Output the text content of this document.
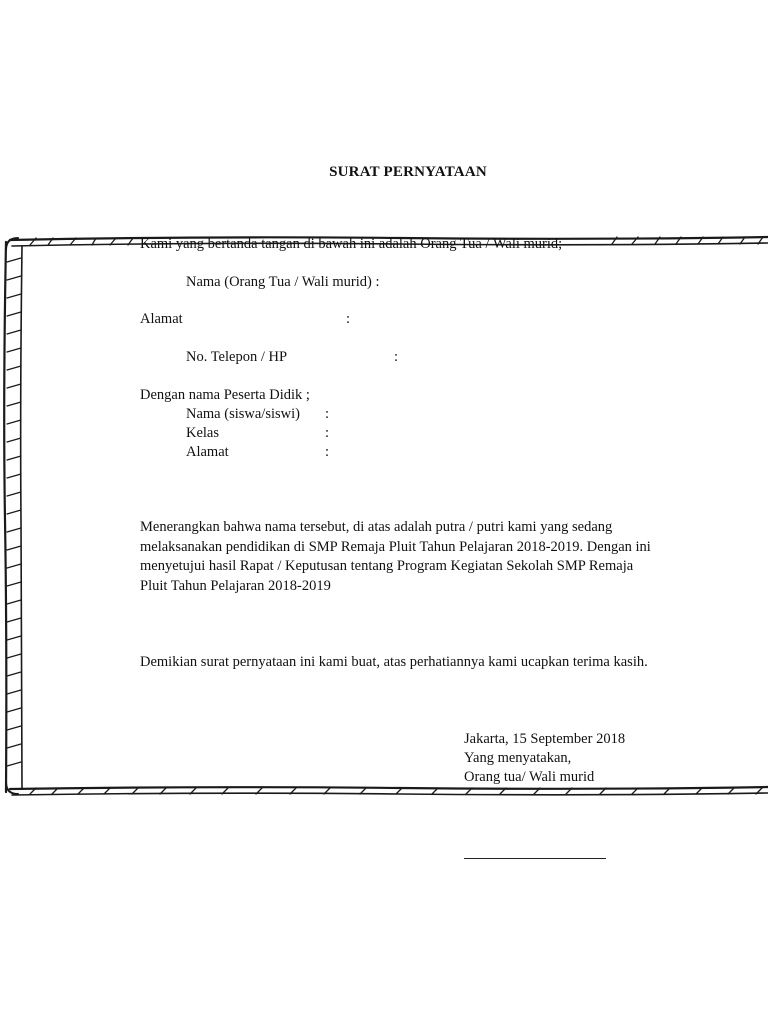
SURAT PERNYATAAN
Kami yang bertanda tangan di bawah ini adalah Orang Tua / Wali murid;
Nama (Orang Tua / Wali murid) :
Alamat	:
No. Telepon / HP	:
Dengan nama Peserta Didik ;
Nama (siswa/siswi) :
Kelas	:
Alamat	:
Menerangkan bahwa nama tersebut, di atas adalah putra / putri kami yang sedang melaksanakan pendidikan di SMP Remaja Pluit Tahun Pelajaran 2018-2019. Dengan ini menyetujui hasil Rapat / Keputusan tentang Program Kegiatan Sekolah SMP Remaja Pluit Tahun Pelajaran 2018-2019
Demikian surat pernyataan ini kami buat, atas perhatiannya kami ucapkan terima kasih.
Jakarta, 15 September 2018
Yang menyatakan,
Orang tua/ Wali murid
